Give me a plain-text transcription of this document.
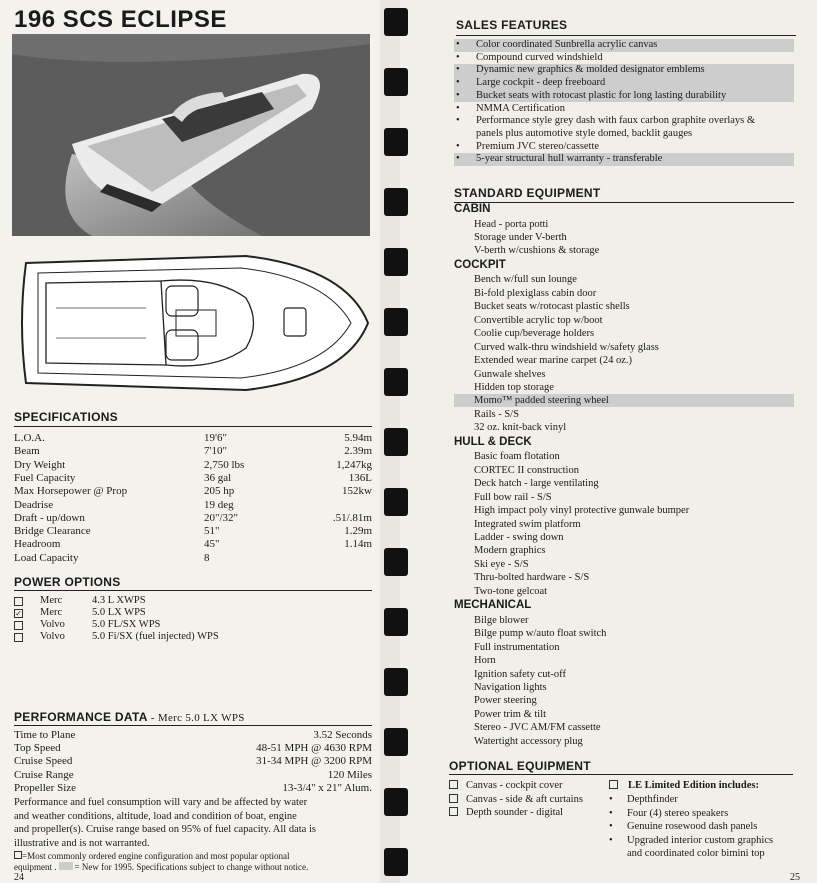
196 SCS ECLIPSE
SPECIFICATIONS
L.O.A.	19'6"	5.94m
Beam	7'10"	2.39m
Dry Weight	2,750 lbs	1,247kg
Fuel Capacity	36 gal	136L
Max Horsepower @ Prop	205 hp	152kw
Deadrise	19 deg
Draft - up/down	20"/32"	.51/.81m
Bridge Clearance	51"	1.29m
Headroom	45"	1.14m
Load Capacity	8
POWER OPTIONS
Merc	4.3 L XWPS
✓ Merc	5.0 LX WPS
Volvo	5.0 FL/SX WPS
Volvo	5.0 Fi/SX (fuel injected) WPS
PERFORMANCE DATA - Merc 5.0 LX WPS
Time to Plane	3.52 Seconds
Top Speed	48-51 MPH @ 4630 RPM
Cruise Speed	31-34 MPH @ 3200 RPM
Cruise Range	120 Miles
Propeller Size	13-3/4" x 21" Alum.
Performance and fuel consumption will vary and be affected by water
and weather conditions, altitude, load and condition of boat, engine
and propeller(s). Cruise range based on 95% of fuel capacity. All data is
illustrative and is not warranted.
=Most commonly ordered engine configuration and most popular optional
equipment . = New for 1995. Specifications subject to change without notice.
24
SALES FEATURES
• Color coordinated Sunbrella acrylic canvas
• Compound curved windshield
• Dynamic new graphics & molded designator emblems
• Large cockpit - deep freeboard
• Bucket seats with rotocast plastic for long lasting durability
• NMMA Certification
• Performance style grey dash with faux carbon graphite overlays &
panels plus automotive style domed, backlit gauges
• Premium JVC stereo/cassette
• 5-year structural hull warranty - transferable
STANDARD EQUIPMENT
CABIN
Head - porta potti
Storage under V-berth
V-berth w/cushions & storage
COCKPIT
Bench w/full sun lounge
Bi-fold plexiglass cabin door
Bucket seats w/rotocast plastic shells
Convertible acrylic top w/boot
Coolie cup/beverage holders
Curved walk-thru windshield w/safety glass
Extended wear marine carpet (24 oz.)
Gunwale shelves
Hidden top storage
Momo™ padded steering wheel
Rails - S/S
32 oz. knit-back vinyl
HULL & DECK
Basic foam flotation
CORTEC II construction
Deck hatch - large ventilating
Full bow rail - S/S
High impact poly vinyl protective gunwale bumper
Integrated swim platform
Ladder - swing down
Modern graphics
Ski eye - S/S
Thru-bolted hardware - S/S
Two-tone gelcoat
MECHANICAL
Bilge blower
Bilge pump w/auto float switch
Full instrumentation
Horn
Ignition safety cut-off
Navigation lights
Power steering
Power trim & tilt
Stereo - JVC AM/FM cassette
Watertight accessory plug
OPTIONAL EQUIPMENT
Canvas - cockpit cover
Canvas - side & aft curtains
Depth sounder - digital
LE Limited Edition includes:
• Depthfinder
• Four (4) stereo speakers
• Genuine rosewood dash panels
• Upgraded interior custom graphics
and coordinated color bimini top
25
